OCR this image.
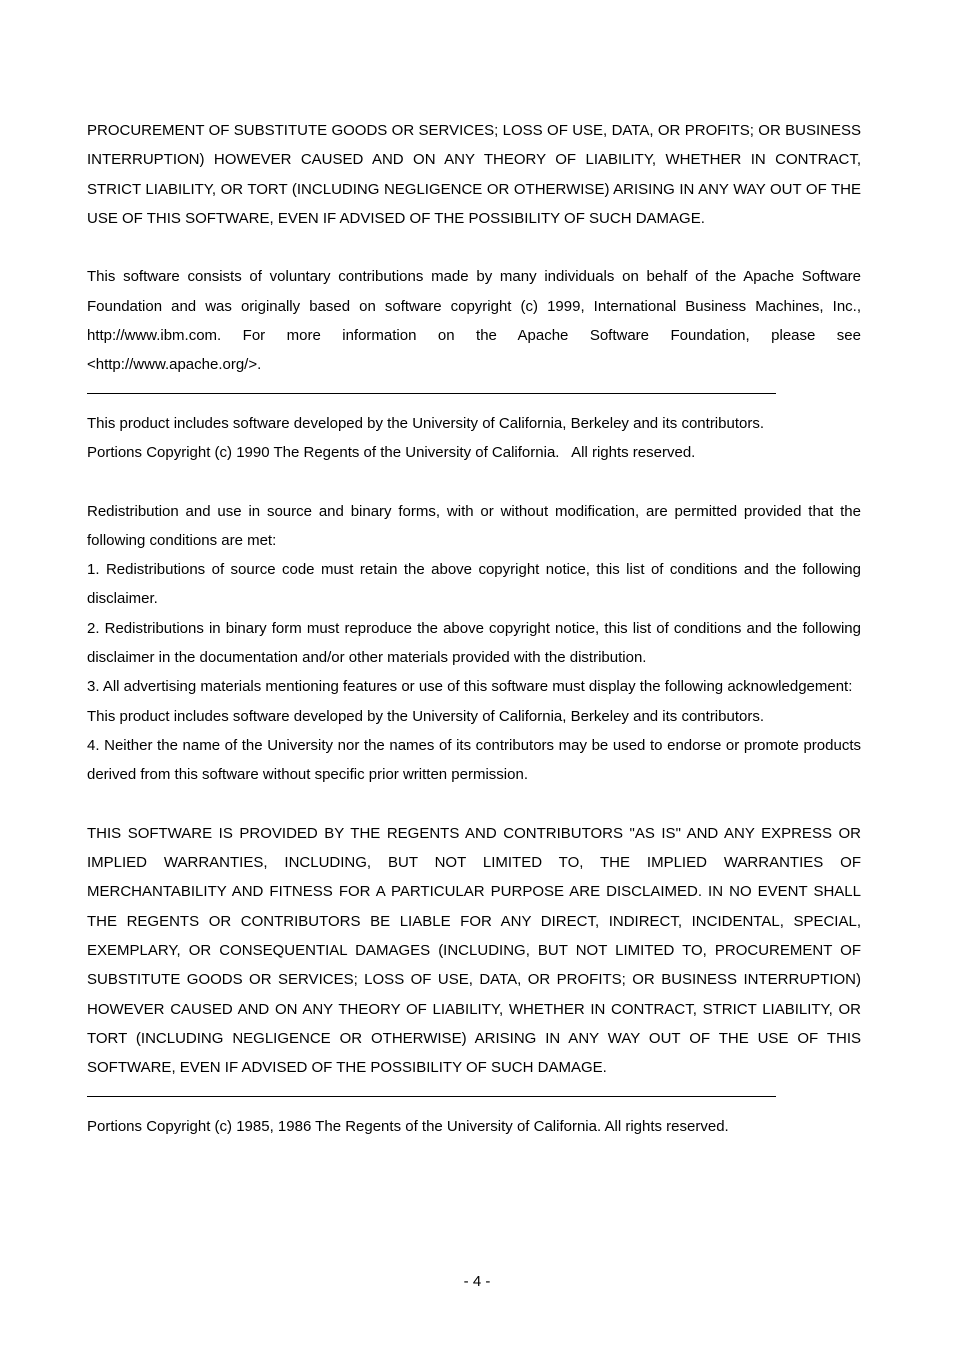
PROCUREMENT OF SUBSTITUTE GOODS OR SERVICES; LOSS OF USE, DATA, OR PROFITS; OR BUSINESS INTERRUPTION) HOWEVER CAUSED AND ON ANY THEORY OF LIABILITY, WHETHER IN CONTRACT, STRICT LIABILITY, OR TORT (INCLUDING NEGLIGENCE OR OTHERWISE) ARISING IN ANY WAY OUT OF THE USE OF THIS SOFTWARE, EVEN IF ADVISED OF THE POSSIBILITY OF SUCH DAMAGE.

This software consists of voluntary contributions made by many individuals on behalf of the Apache Software Foundation and was originally based on software copyright (c) 1999, International Business Machines, Inc., http://www.ibm.com. For more information on the Apache Software Foundation, please see <http://www.apache.org/>.

This product includes software developed by the University of California, Berkeley and its contributors.

Portions Copyright (c) 1990 The Regents of the University of California.   All rights reserved.

Redistribution and use in source and binary forms, with or without modification, are permitted provided that the following conditions are met:

1. Redistributions of source code must retain the above copyright notice, this list of conditions and the following disclaimer.

2. Redistributions in binary form must reproduce the above copyright notice, this list of conditions and the following disclaimer in the documentation and/or other materials provided with the distribution.

3. All advertising materials mentioning features or use of this software must display the following acknowledgement:

This product includes software developed by the University of California, Berkeley and its contributors.

4. Neither the name of the University nor the names of its contributors may be used to endorse or promote products derived from this software without specific prior written permission.

THIS SOFTWARE IS PROVIDED BY THE REGENTS AND CONTRIBUTORS "AS IS" AND ANY EXPRESS OR IMPLIED WARRANTIES, INCLUDING, BUT NOT LIMITED TO, THE IMPLIED WARRANTIES OF MERCHANTABILITY AND FITNESS FOR A PARTICULAR PURPOSE ARE DISCLAIMED. IN NO EVENT SHALL THE REGENTS OR CONTRIBUTORS BE LIABLE FOR ANY DIRECT, INDIRECT, INCIDENTAL, SPECIAL, EXEMPLARY, OR CONSEQUENTIAL DAMAGES (INCLUDING, BUT NOT LIMITED TO, PROCUREMENT OF SUBSTITUTE GOODS OR SERVICES; LOSS OF USE, DATA, OR PROFITS; OR BUSINESS INTERRUPTION) HOWEVER CAUSED AND ON ANY THEORY OF LIABILITY, WHETHER IN CONTRACT, STRICT LIABILITY, OR TORT (INCLUDING NEGLIGENCE OR OTHERWISE) ARISING IN ANY WAY OUT OF THE USE OF THIS SOFTWARE, EVEN IF ADVISED OF THE POSSIBILITY OF SUCH DAMAGE.

Portions Copyright (c) 1985, 1986 The Regents of the University of California. All rights reserved.

- 4 -
